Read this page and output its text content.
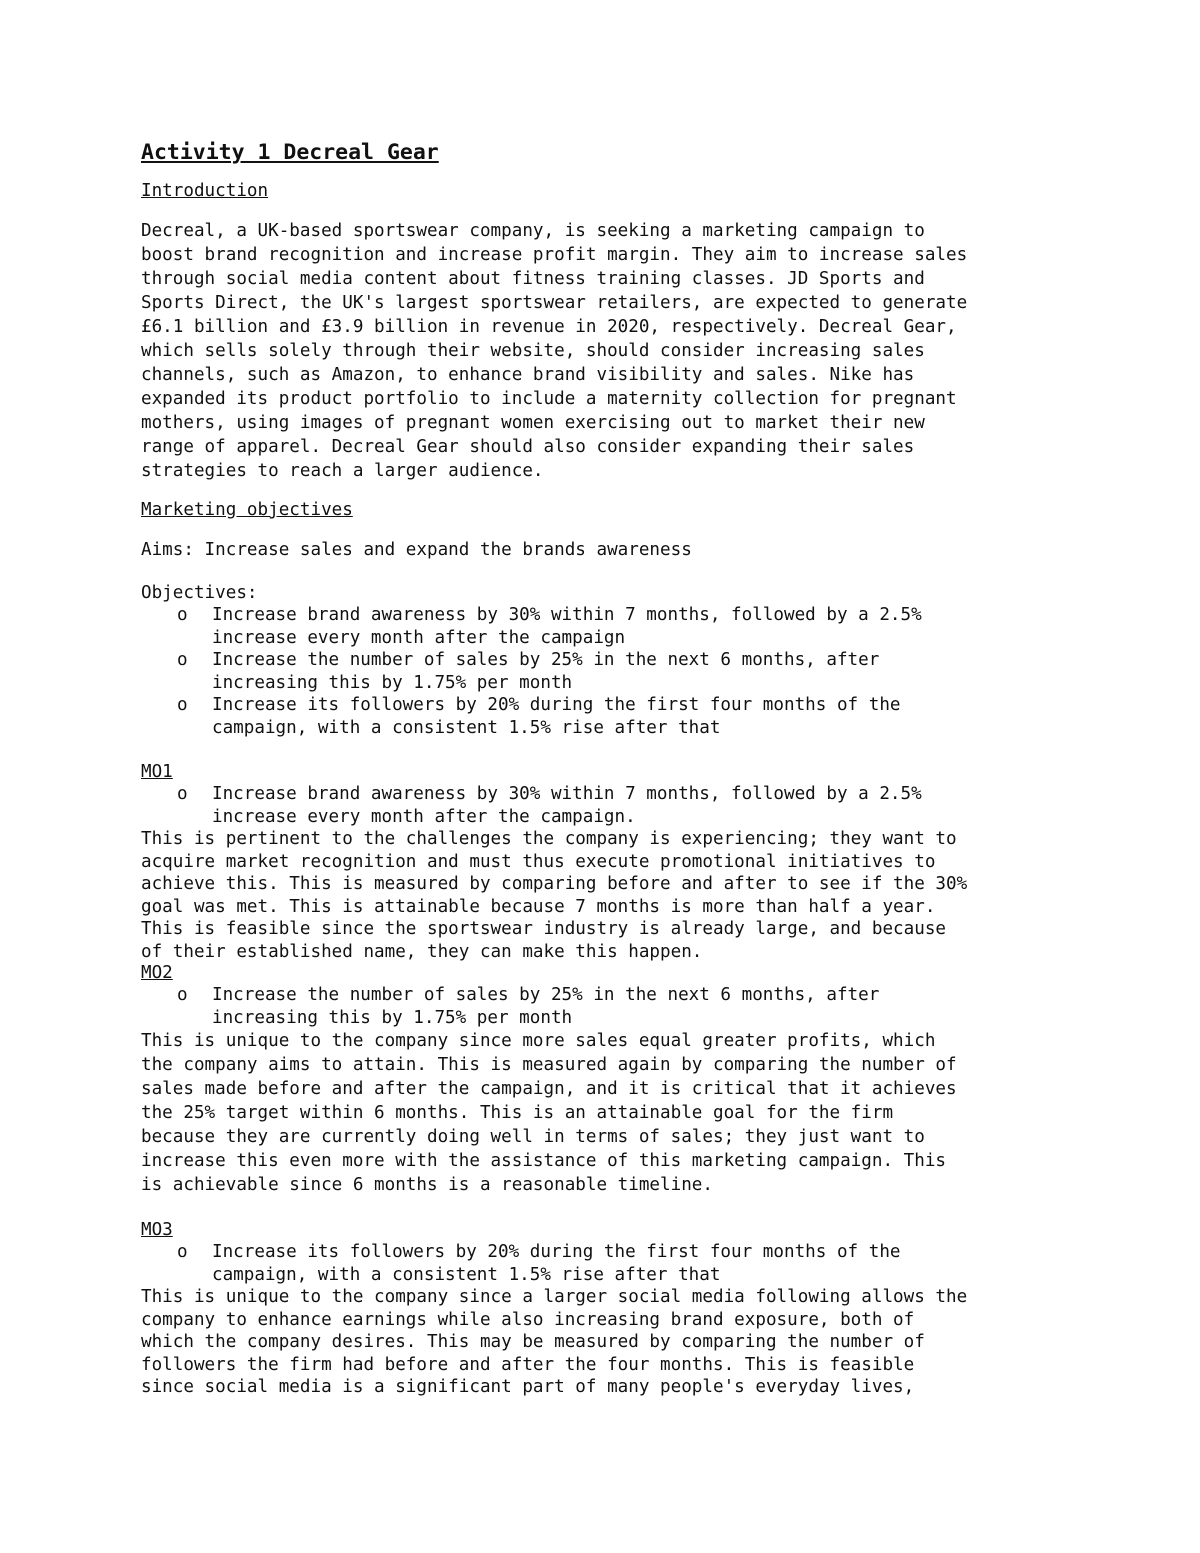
Activity 1 Decreal Gear
Introduction
Decreal, a UK-based sportswear company, is seeking a marketing campaign to
boost brand recognition and increase profit margin. They aim to increase sales
through social media content about fitness training classes. JD Sports and
Sports Direct, the UK's largest sportswear retailers, are expected to generate
£6.1 billion and £3.9 billion in revenue in 2020, respectively. Decreal Gear,
which sells solely through their website, should consider increasing sales
channels, such as Amazon, to enhance brand visibility and sales. Nike has
expanded its product portfolio to include a maternity collection for pregnant
mothers, using images of pregnant women exercising out to market their new
range of apparel. Decreal Gear should also consider expanding their sales
strategies to reach a larger audience.
Marketing objectives
Aims: Increase sales and expand the brands awareness
Objectives:
o Increase brand awareness by 30% within 7 months, followed by a 2.5%
increase every month after the campaign
o Increase the number of sales by 25% in the next 6 months, after
increasing this by 1.75% per month
o Increase its followers by 20% during the first four months of the
campaign, with a consistent 1.5% rise after that
MO1
o Increase brand awareness by 30% within 7 months, followed by a 2.5%
increase every month after the campaign.
This is pertinent to the challenges the company is experiencing; they want to
acquire market recognition and must thus execute promotional initiatives to
achieve this. This is measured by comparing before and after to see if the 30%
goal was met. This is attainable because 7 months is more than half a year.
This is feasible since the sportswear industry is already large, and because
of their established name, they can make this happen.
MO2
o Increase the number of sales by 25% in the next 6 months, after
increasing this by 1.75% per month
This is unique to the company since more sales equal greater profits, which
the company aims to attain. This is measured again by comparing the number of
sales made before and after the campaign, and it is critical that it achieves
the 25% target within 6 months. This is an attainable goal for the firm
because they are currently doing well in terms of sales; they just want to
increase this even more with the assistance of this marketing campaign. This
is achievable since 6 months is a reasonable timeline.
MO3
o Increase its followers by 20% during the first four months of the
campaign, with a consistent 1.5% rise after that
This is unique to the company since a larger social media following allows the
company to enhance earnings while also increasing brand exposure, both of
which the company desires. This may be measured by comparing the number of
followers the firm had before and after the four months. This is feasible
since social media is a significant part of many people's everyday lives,
